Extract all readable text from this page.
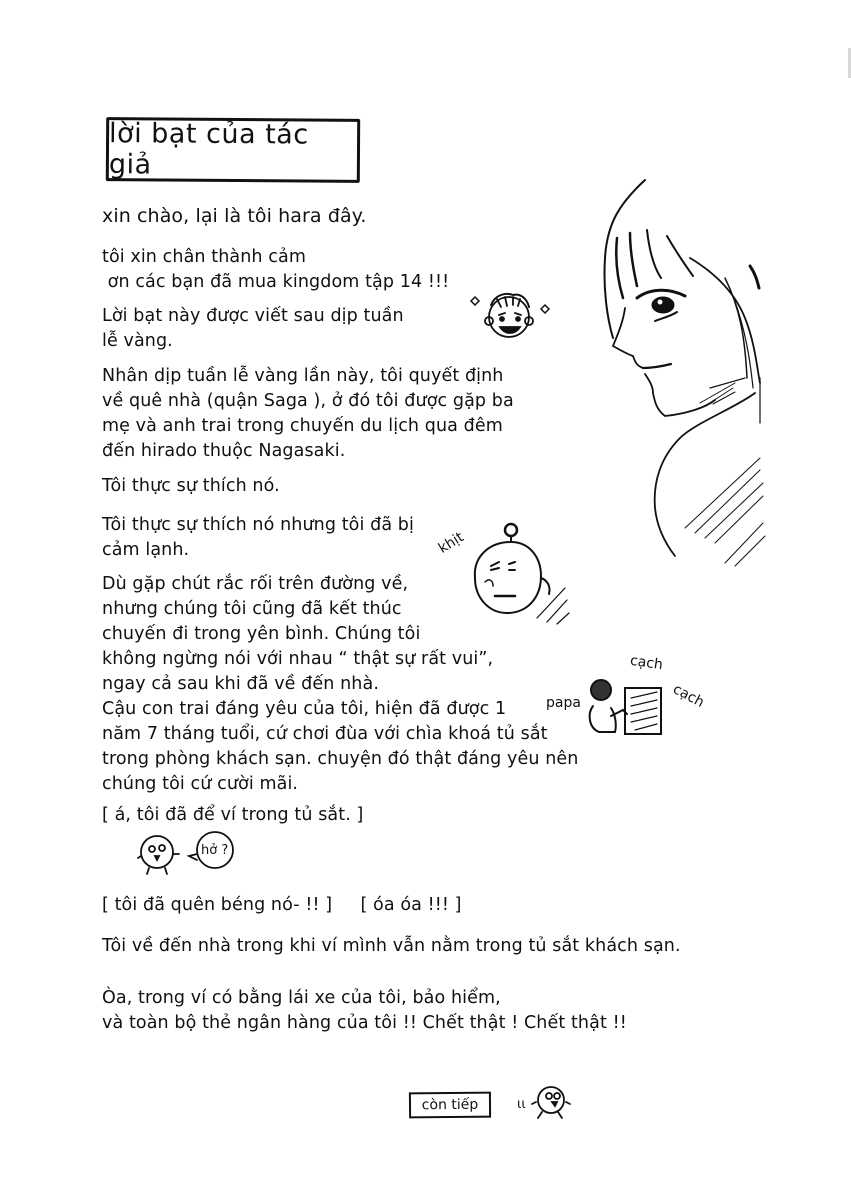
lời bạt của tác giả
xin chào, lại là tôi hara đây.
tôi xin chân thành cảm
ơn các bạn đã mua kingdom tập 14 !!!
Lời bạt này được viết sau dịp tuần
lễ vàng.
Nhân dịp tuần lễ vàng lần này, tôi quyết định
về quê nhà (quận Saga ), ở đó tôi được gặp ba
mẹ và anh trai trong chuyến du lịch qua đêm
đến hirado thuộc Nagasaki.
Tôi thực sự thích nó.
Tôi thực sự thích nó nhưng tôi đã bị
cảm lạnh.
Dù gặp chút rắc rối trên đường về,
nhưng chúng tôi cũng đã kết thúc
chuyến đi trong yên bình. Chúng tôi
không ngừng nói với nhau “ thật sự rất vui”,
ngay cả sau khi đã về đến nhà.
Cậu con trai đáng yêu của tôi, hiện đã được 1
năm 7 tháng tuổi, cứ chơi đùa với chìa khoá tủ sắt
trong phòng khách sạn. chuyện đó thật đáng yêu nên
chúng tôi cứ cười mãi.
[ á, tôi đã để ví trong tủ sắt. ]
[ tôi đã quên béng nó- !! ]     [ óa óa !!! ]
Tôi về đến nhà trong khi ví mình vẫn nằm trong tủ sắt khách sạn.
Òa, trong ví có bằng lái xe của tôi, bảo hiểm,
và toàn bộ thẻ ngân hàng của tôi !! Chết thật ! Chết thật !!
khịt
papa
cạch
cạch
hở ?
còn tiếp	ιι
